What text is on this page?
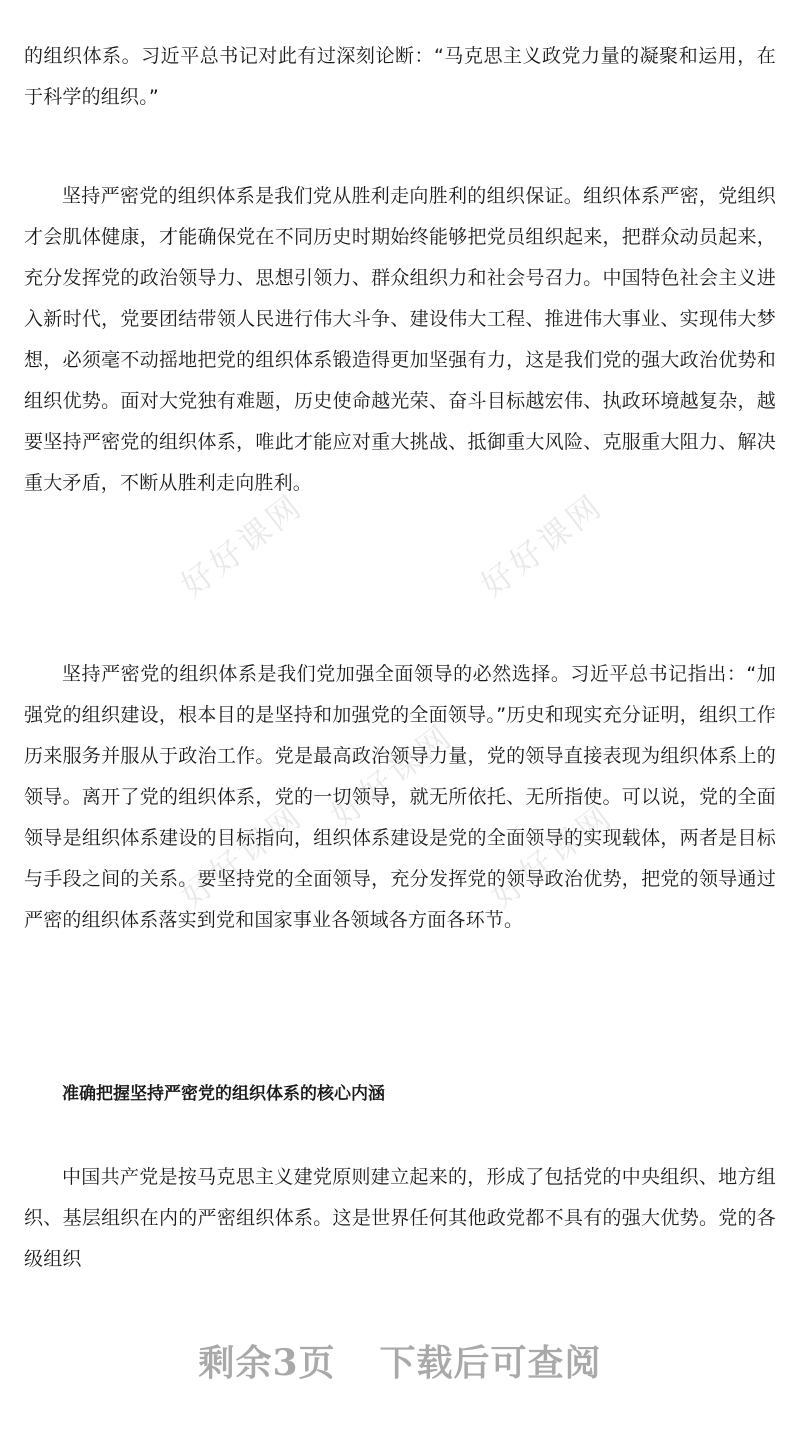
好好课网	好好课网
好好课网
好好课网	好好课网

的组织体系。习近平总书记对此有过深刻论断：“马克思主义政党力量的凝聚和运用，在于科学的组织。”

坚持严密党的组织体系是我们党从胜利走向胜利的组织保证。组织体系严密，党组织才会肌体健康，才能确保党在不同历史时期始终能够把党员组织起来，把群众动员起来，充分发挥党的政治领导力、思想引领力、群众组织力和社会号召力。中国特色社会主义进入新时代，党要团结带领人民进行伟大斗争、建设伟大工程、推进伟大事业、实现伟大梦想，必须毫不动摇地把党的组织体系锻造得更加坚强有力，这是我们党的强大政治优势和组织优势。面对大党独有难题，历史使命越光荣、奋斗目标越宏伟、执政环境越复杂，越要坚持严密党的组织体系，唯此才能应对重大挑战、抵御重大风险、克服重大阻力、解决重大矛盾，不断从胜利走向胜利。

坚持严密党的组织体系是我们党加强全面领导的必然选择。习近平总书记指出：“加强党的组织建设，根本目的是坚持和加强党的全面领导。”历史和现实充分证明，组织工作历来服务并服从于政治工作。党是最高政治领导力量，党的领导直接表现为组织体系上的领导。离开了党的组织体系，党的一切领导，就无所依托、无所指使。可以说，党的全面领导是组织体系建设的目标指向，组织体系建设是党的全面领导的实现载体，两者是目标与手段之间的关系。要坚持党的全面领导，充分发挥党的领导政治优势，把党的领导通过严密的组织体系落实到党和国家事业各领域各方面各环节。

准确把握坚持严密党的组织体系的核心内涵

中国共产党是按马克思主义建党原则建立起来的，形成了包括党的中央组织、地方组织、基层组织在内的严密组织体系。这是世界任何其他政党都不具有的强大优势。党的各级组织

剩余3页 下载后可查阅
